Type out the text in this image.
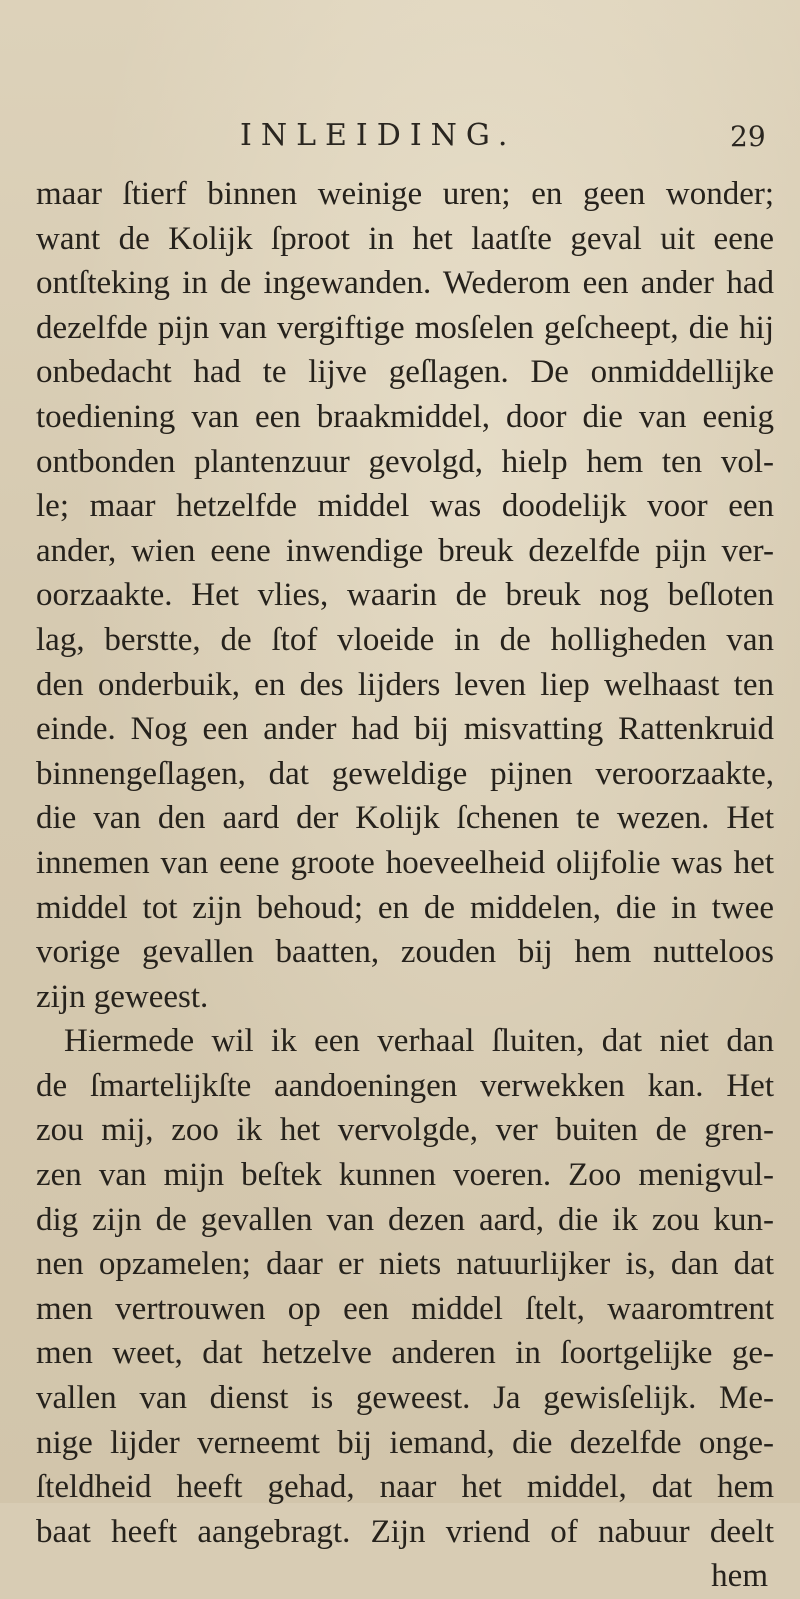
INLEIDING.	29
maar ſtierf binnen weinige uren; en geen wonder;
want de Kolijk ſproot in het laatſte geval uit eene
ontſteking in de ingewanden. Wederom een ander had
dezelfde pijn van vergiftige mosſelen geſcheept, die hij
onbedacht had te lijve geſlagen. De onmiddellijke
toediening van een braakmiddel, door die van eenig
ontbonden plantenzuur gevolgd, hielp hem ten vol-
le; maar hetzelfde middel was doodelijk voor een
ander, wien eene inwendige breuk dezelfde pijn ver-
oorzaakte. Het vlies, waarin de breuk nog beſloten
lag, berstte, de ſtof vloeide in de holligheden van
den onderbuik, en des lijders leven liep welhaast ten
einde. Nog een ander had bij misvatting Rattenkruid
binnengeſlagen, dat geweldige pijnen veroorzaakte,
die van den aard der Kolijk ſchenen te wezen. Het
innemen van eene groote hoeveelheid olijfolie was het
middel tot zijn behoud; en de middelen, die in twee
vorige gevallen baatten, zouden bij hem nutteloos
zijn geweest.
Hiermede wil ik een verhaal ſluiten, dat niet dan
de ſmartelijkſte aandoeningen verwekken kan. Het
zou mij, zoo ik het vervolgde, ver buiten de gren-
zen van mijn beſtek kunnen voeren. Zoo menigvul-
dig zijn de gevallen van dezen aard, die ik zou kun-
nen opzamelen; daar er niets natuurlijker is, dan dat
men vertrouwen op een middel ſtelt, waaromtrent
men weet, dat hetzelve anderen in ſoortgelijke ge-
vallen van dienst is geweest. Ja gewisſelijk. Me-
nige lijder verneemt bij iemand, die dezelfde onge-
ſteldheid heeft gehad, naar het middel, dat hem
baat heeft aangebragt. Zijn vriend of nabuur deelt
hem
